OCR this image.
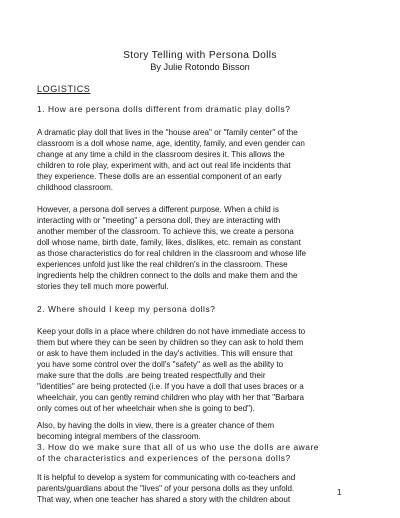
Story Telling with Persona Dolls
By Julie Rotondo Bisson
LOGISTICS
1. How are persona dolls different from dramatic play dolls?
A dramatic play doll that lives in the "house area" or "family center" of the
classroom is a doll whose name, age, identity, family, and even gender can
change at any time a child in the classroom desires it. This allows the
children to role play, experiment with, and act out real life incidents that
they experience. These dolls are an essential component of an early
childhood classroom.
However, a persona doll serves a different purpose. When a child is
interacting with or "meeting" a persona doll, they are interacting with
another member of the classroom. To achieve this, we create a persona
doll whose name, birth date, family, likes, dislikes, etc. remain as constant
as those characteristics do for real children in the classroom and whose life
experiences unfold just like the real children's in the classroom. These
ingredients help the children connect to the dolls and make them and the
stories they tell much more powerful.
2. Where should I keep my persona dolls?
Keep your dolls in a place where children do not have immediate access to
them but where they can be seen by children so they can ask to hold them
or ask to have them included in the day's activities. This will ensure that
you have some control over the doll's "safety" as well as the ability to
make sure that the dolls .are being treated respectfully and their
"identities" are being protected (i.e. If you have a doll that uses braces or a
wheelchair, you can gently remind children who play with her that "Barbara
only comes out of her wheelchair when she is going to bed").
Also, by having the dolls in view, there is a greater chance of them
becoming integral members of the classroom.
3. How do we make sure that all of us who use the dolls are aware
of the characteristics and experiences of the persona dolls?
It is helpful to develop a system for communicating with co-teachers and
parents/guardians about the "lives" of your persona dolls as they unfold.
That way, when one teacher has shared a story with the children about
1
